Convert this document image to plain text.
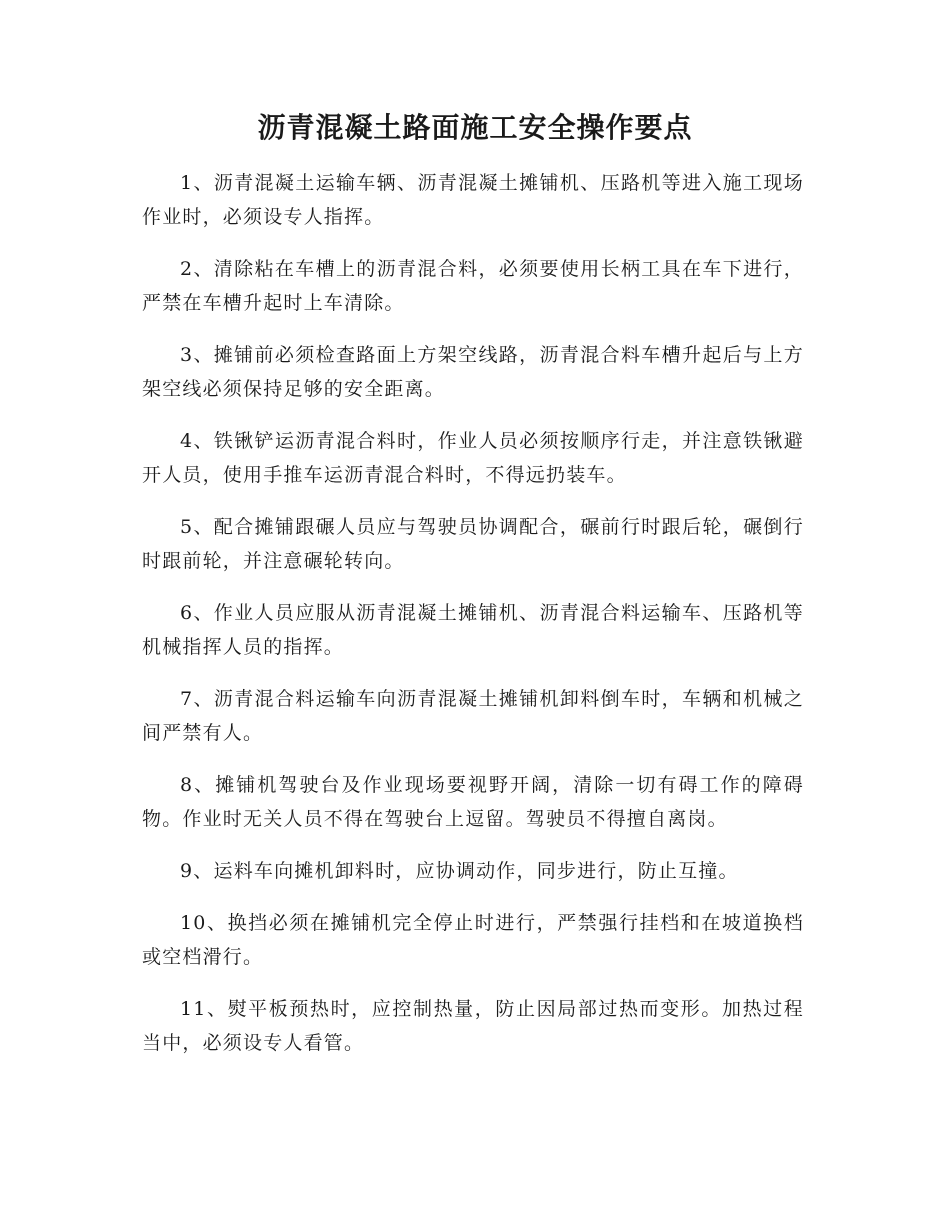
沥青混凝土路面施工安全操作要点

1、沥青混凝土运输车辆、沥青混凝土摊铺机、压路机等进入施工现场作业时，必须设专人指挥。

2、清除粘在车槽上的沥青混合料，必须要使用长柄工具在车下进行，严禁在车槽升起时上车清除。

3、摊铺前必须检查路面上方架空线路，沥青混合料车槽升起后与上方架空线必须保持足够的安全距离。

4、铁锹铲运沥青混合料时，作业人员必须按顺序行走，并注意铁锹避开人员，使用手推车运沥青混合料时，不得远扔装车。

5、配合摊铺跟碾人员应与驾驶员协调配合，碾前行时跟后轮，碾倒行时跟前轮，并注意碾轮转向。

6、作业人员应服从沥青混凝土摊铺机、沥青混合料运输车、压路机等机械指挥人员的指挥。

7、沥青混合料运输车向沥青混凝土摊铺机卸料倒车时，车辆和机械之间严禁有人。

8、摊铺机驾驶台及作业现场要视野开阔，清除一切有碍工作的障碍物。作业时无关人员不得在驾驶台上逗留。驾驶员不得擅自离岗。

9、运料车向摊机卸料时，应协调动作，同步进行，防止互撞。

10、换挡必须在摊铺机完全停止时进行，严禁强行挂档和在坡道换档或空档滑行。

11、熨平板预热时，应控制热量，防止因局部过热而变形。加热过程当中，必须设专人看管。
